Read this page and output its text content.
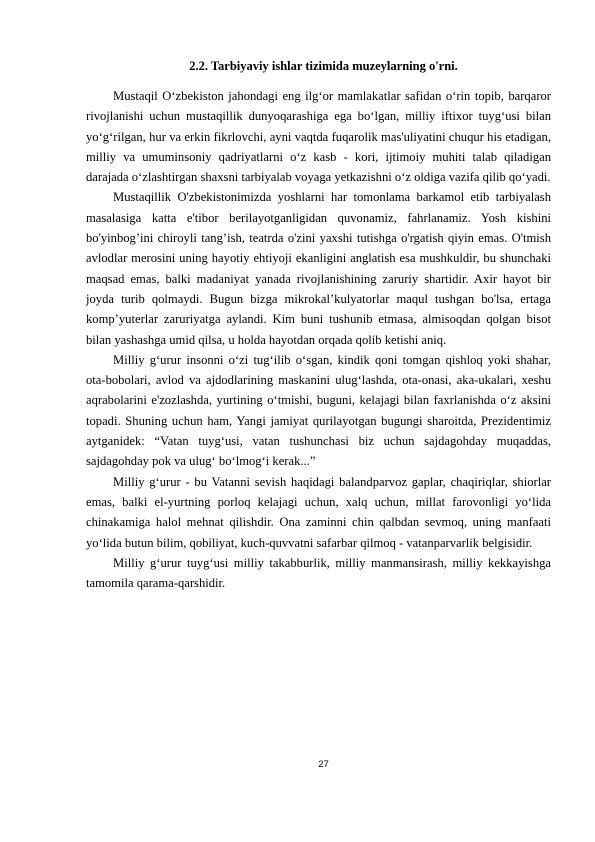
2.2. Tarbiyaviy ishlar tizimida muzeylarning o'rni.

Mustaqil O‘zbekiston jahondagi eng ilg‘or mamlakatlar safidan o‘rin topib, barqaror rivojlanishi uchun mustaqillik dunyoqarashiga ega bo‘lgan, milliy iftixor tuyg‘usi bilan yo‘g‘rilgan, hur va erkin fikrlovchi, ayni vaqtda fuqarolik mas'uliyatini chuqur his etadigan, milliy va umuminsoniy qadriyatlarni o‘z kasb - kori, ijtimoiy muhiti talab qiladigan darajada o‘zlashtirgan shaxsni tarbiyalab voyaga yetkazishni o‘z oldiga vazifa qilib qo‘yadi.

Mustaqillik O'zbekistonimizda yoshlarni har tomonlama barkamol etib tarbiyalash masalasiga katta e'tibor berilayotganligidan quvonamiz, fahrlanamiz. Yosh kishini bo'yinbog’ini chiroyli tang’ish, teatrda o'zini yaxshi tutishga o'rgatish qiyin emas. O'tmish avlodlar merosini uning hayotiy ehtiyoji ekanligini anglatish esa mushkuldir, bu shunchaki maqsad emas, balki madaniyat yanada rivojlanishining zaruriy shartidir. Axir hayot bir joyda turib qolmaydi. Bugun bizga mikrokal’kulyatorlar maqul tushgan bo'lsa, ertaga komp’yuterlar zaruriyatga aylandi. Kim buni tushunib etmasa, almisoqdan qolgan bisot bilan yashashga umid qilsa, u holda hayotdan orqada qolib ketishi aniq.

Milliy g‘urur insonni o‘zi tug‘ilib o‘sgan, kindik qoni tomgan qishloq yoki shahar, ota-bobolari, avlod va ajdodlarining maskanini ulug‘lashda, ota-onasi, aka-ukalari, xeshu aqrabolarini e'zozlashda, yurtining o‘tmishi, buguni, kelajagi bilan faxrlanishda o‘z aksini topadi. Shuning uchun ham, Yangi jamiyat qurilayotgan bugungi sharoitda, Prezidentimiz aytganidek: “Vatan tuyg‘usi, vatan tushunchasi biz uchun sajdagohday muqaddas, sajdagohday pok va ulug‘ bo‘lmog‘i kerak...”

Milliy g‘urur - bu Vatanni sevish haqidagi balandparvoz gaplar, chaqiriqlar, shiorlar emas, balki el-yurtning porloq kelajagi uchun, xalq uchun, millat farovonligi yo‘lida chinakamiga halol mehnat qilishdir. Ona zaminni chin qalbdan sevmoq, uning manfaati yo‘lida butun bilim, qobiliyat, kuch-quvvatni safarbar qilmoq - vatanparvarlik belgisidir.

Milliy g‘urur tuyg‘usi milliy takabburlik, milliy manmansirash, milliy kekkayishga tamomila qarama-qarshidir.

27
